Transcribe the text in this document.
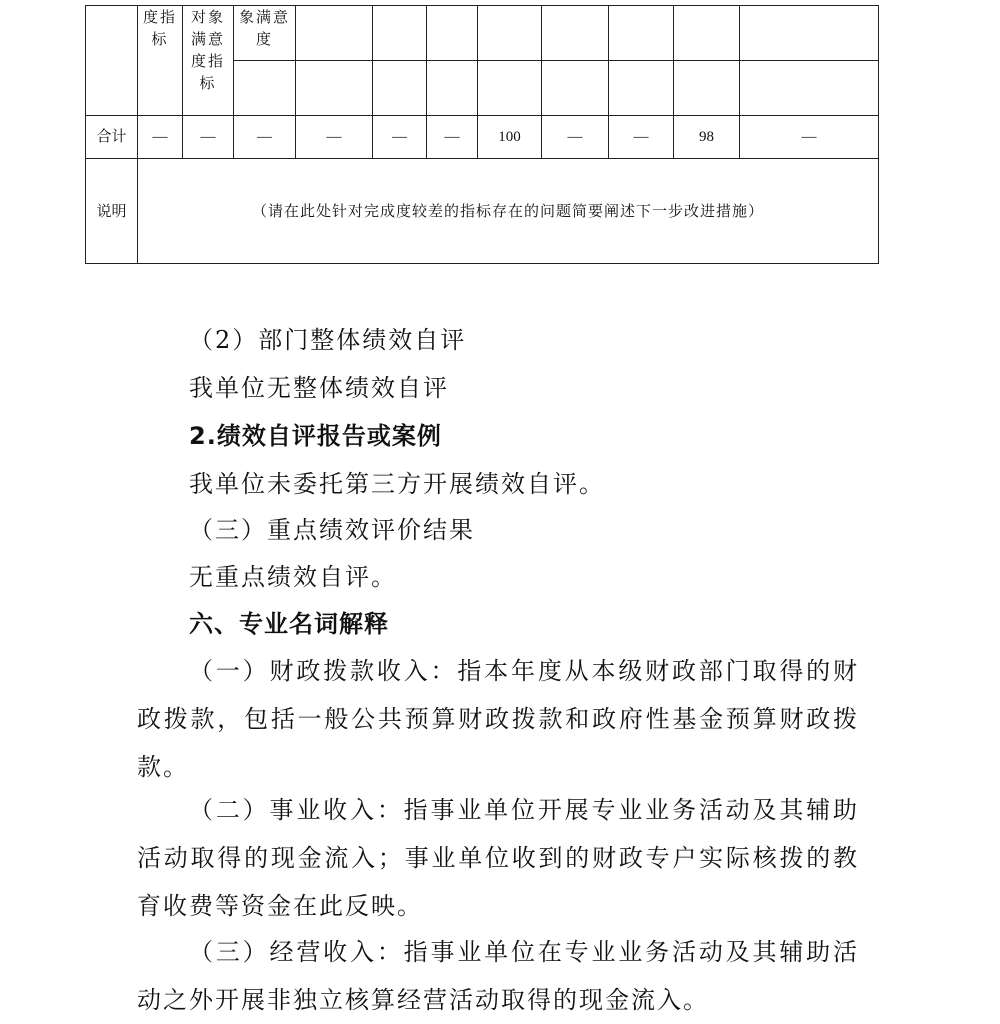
	度指标	对象满意度指标	象满意度								

合计	—	—	—	—	—	—	100	—	—	98	—
说明	（请在此处针对完成度较差的指标存在的问题简要阐述下一步改进措施）										
（2）部门整体绩效自评
我单位无整体绩效自评
2.绩效自评报告或案例
我单位未委托第三方开展绩效自评。
（三）重点绩效评价结果
无重点绩效自评。
六、专业名词解释
（一）财政拨款收入：指本年度从本级财政部门取得的财政拨款，包括一般公共预算财政拨款和政府性基金预算财政拨款。
（二）事业收入：指事业单位开展专业业务活动及其辅助活动取得的现金流入；事业单位收到的财政专户实际核拨的教育收费等资金在此反映。
（三）经营收入：指事业单位在专业业务活动及其辅助活动之外开展非独立核算经营活动取得的现金流入。
